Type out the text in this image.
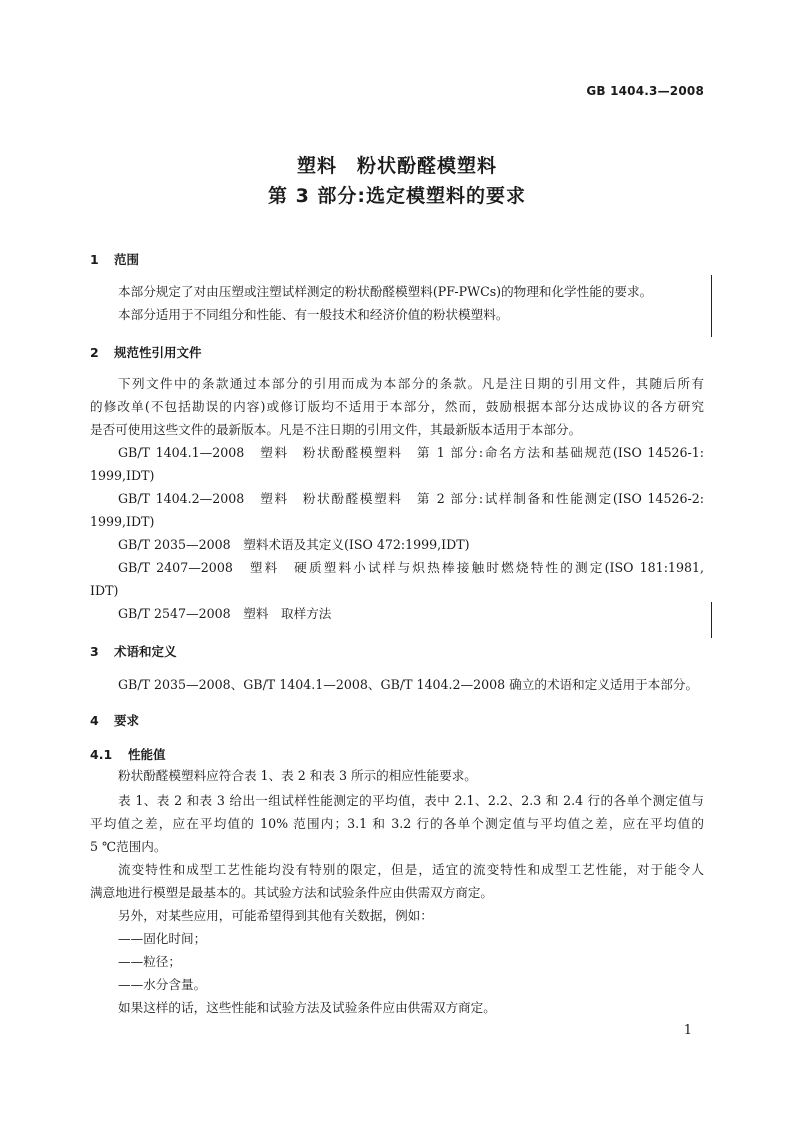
GB 1404.3—2008
塑料　粉状酚醛模塑料
第 3 部分:选定模塑料的要求
1 范围
本部分规定了对由压塑或注塑试样测定的粉状酚醛模塑料(PF-PWCs)的物理和化学性能的要求。
本部分适用于不同组分和性能、有一般技术和经济价值的粉状模塑料。
2 规范性引用文件
下列文件中的条款通过本部分的引用而成为本部分的条款。凡是注日期的引用文件，其随后所有
的修改单(不包括勘误的内容)或修订版均不适用于本部分，然而，鼓励根据本部分达成协议的各方研究
是否可使用这些文件的最新版本。凡是不注日期的引用文件，其最新版本适用于本部分。
GB/T 1404.1—2008　塑料　粉状酚醛模塑料　第 1 部分:命名方法和基础规范(ISO 14526-1:
1999,IDT)
GB/T 1404.2—2008　塑料　粉状酚醛模塑料　第 2 部分:试样制备和性能测定(ISO 14526-2:
1999,IDT)
GB/T 2035—2008　塑料术语及其定义(ISO 472:1999,IDT)
GB/T 2407—2008　塑料　硬质塑料小试样与炽热棒接触时燃烧特性的测定(ISO 181:1981,
IDT)
GB/T 2547—2008　塑料　取样方法
3 术语和定义
GB/T 2035—2008、GB/T 1404.1—2008、GB/T 1404.2—2008 确立的术语和定义适用于本部分。
4 要求
4.1 性能值
粉状酚醛模塑料应符合表 1、表 2 和表 3 所示的相应性能要求。
表 1、表 2 和表 3 给出一组试样性能测定的平均值，表中 2.1、2.2、2.3 和 2.4 行的各单个测定值与
平均值之差，应在平均值的 10% 范围内；3.1 和 3.2 行的各单个测定值与平均值之差，应在平均值的
5 ℃范围内。
流变特性和成型工艺性能均没有特别的限定，但是，适宜的流变特性和成型工艺性能，对于能令人
满意地进行模塑是最基本的。其试验方法和试验条件应由供需双方商定。
另外，对某些应用，可能希望得到其他有关数据，例如：
——固化时间；
——粒径；
——水分含量。
如果这样的话，这些性能和试验方法及试验条件应由供需双方商定。
1
